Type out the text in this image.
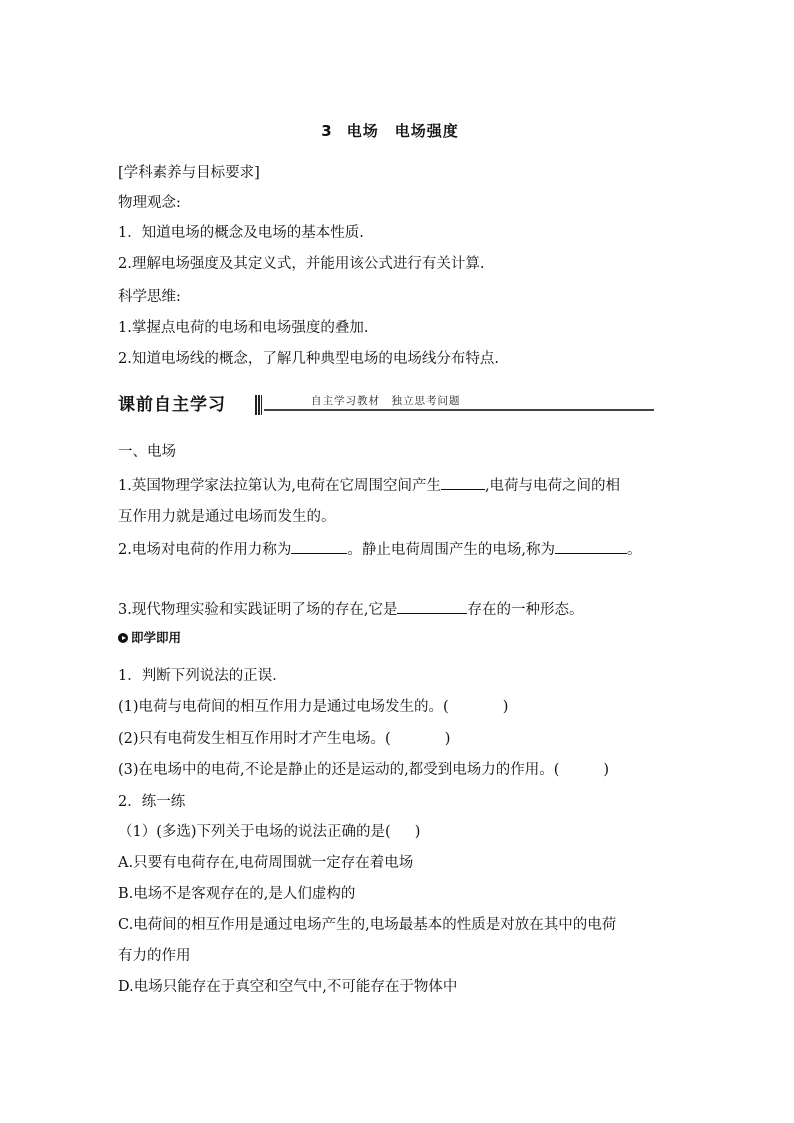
3 电场　电场强度
[学科素养与目标要求]
物理观念:
1．知道电场的概念及电场的基本性质.
2.理解电场强度及其定义式，并能用该公式进行有关计算.
科学思维:
1.掌握点电荷的电场和电场强度的叠加.
2.知道电场线的概念，了解几种典型电场的电场线分布特点.
课前自主学习	自主学习教材　独立思考问题
一、电场
1.英国物理学家法拉第认为,电荷在它周围空间产生	,电荷与电荷之间的相
互作用力就是通过电场而发生的。
2.电场对电荷的作用力称为	。静止电荷周围产生的电场,称为	。
3.现代物理实验和实践证明了场的存在,它是	存在的一种形态。
即学即用
1．判断下列说法的正误．
(1)电荷与电荷间的相互作用力是通过电场发生的。(	)
(2)只有电荷发生相互作用时才产生电场。(	)
(3)在电场中的电荷,不论是静止的还是运动的,都受到电场力的作用。(	)
2．练一练
（1）(多选)下列关于电场的说法正确的是( )
A.只要有电荷存在,电荷周围就一定存在着电场
B.电场不是客观存在的,是人们虚构的
C.电荷间的相互作用是通过电场产生的,电场最基本的性质是对放在其中的电荷
有力的作用
D.电场只能存在于真空和空气中,不可能存在于物体中
